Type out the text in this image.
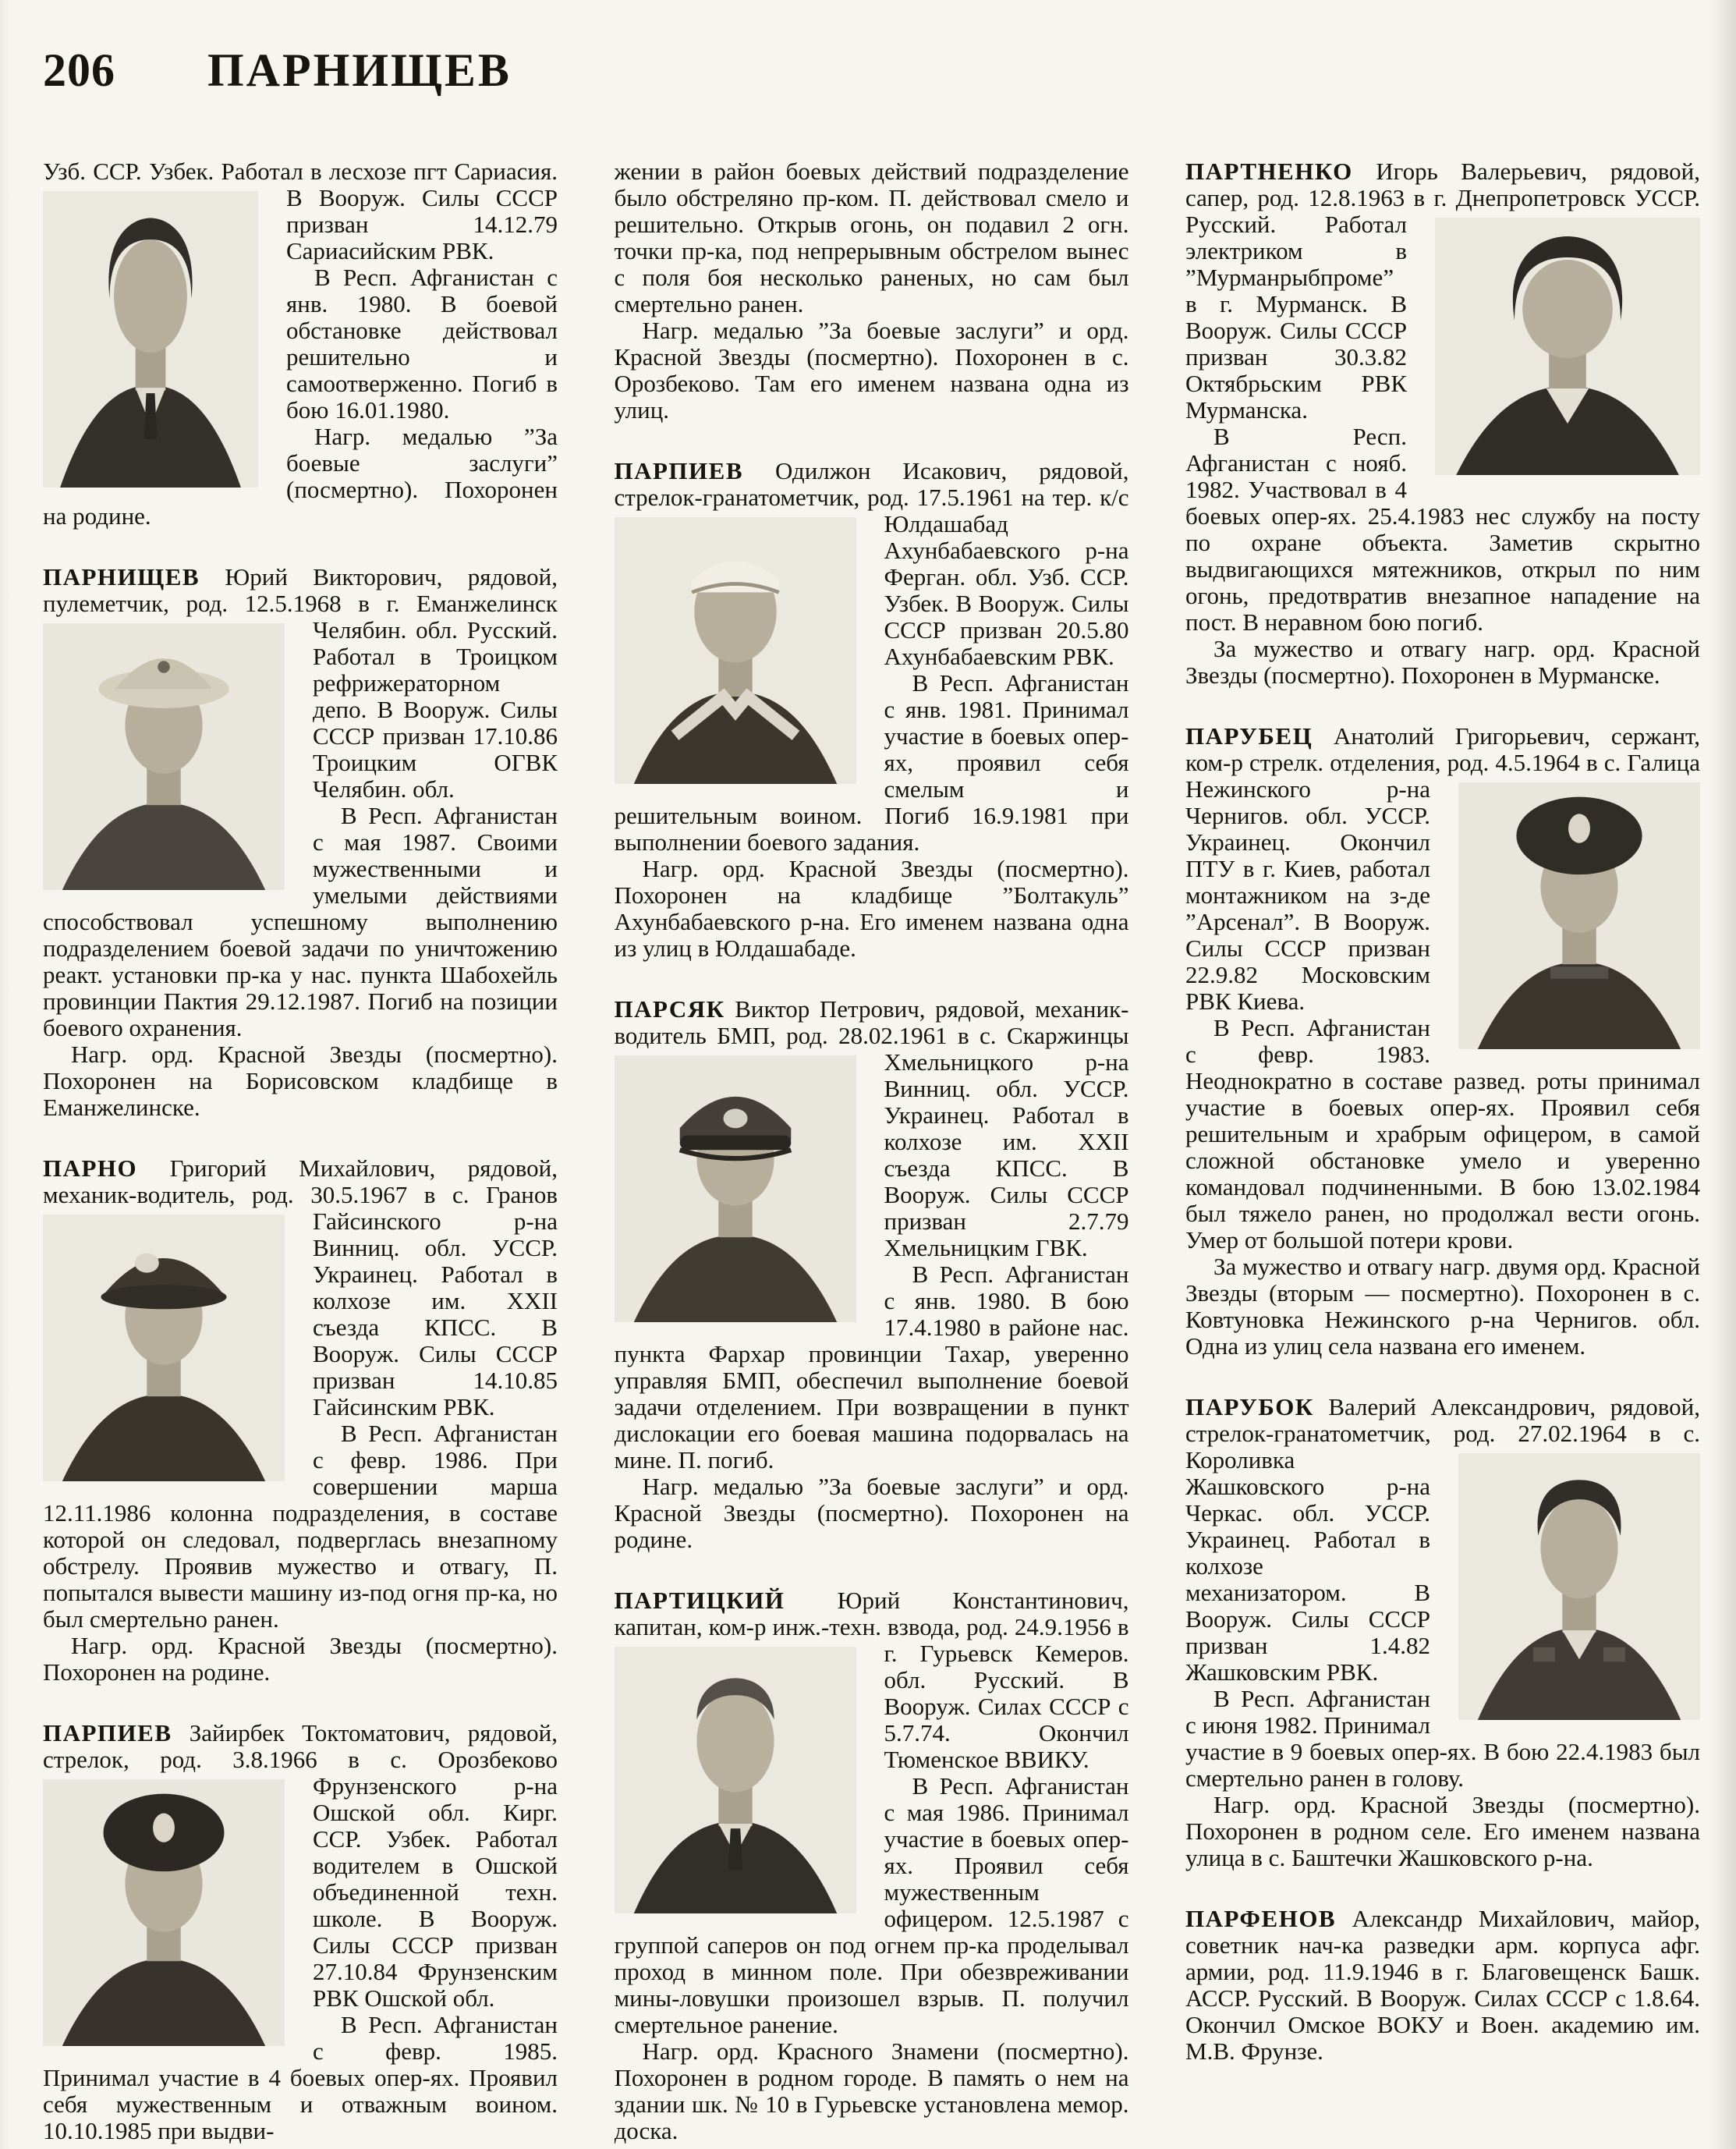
206 ПАРНИЩЕВ

Узб. ССР. Узбек. Работал в лесхозе пгт Сариасия. В Вооруж. Силы СССР призван 14.12.79 Сариасийским РВК.

В Респ. Афганистан с янв. 1980. В боевой обстановке действовал решительно и самоотверженно. Погиб в бою 16.01.1980.

Нагр. медалью ”За боевые заслуги” (посмертно). Похоронен на родине.

ПАРНИЩЕВ Юрий Викторович, рядовой, пулеметчик, род. 12.5.1968 в г. Еманжелинск
Челябин. обл. Русский. Работал в Троицком рефрижераторном депо. В Вооруж. Силы СССР призван 17.10.86 Троицким ОГВК Челябин. обл.

В Респ. Афганистан с мая 1987. Своими мужественными и умелыми действиями способствовал успешному выполнению подразделением боевой задачи по уничтожению реакт. установки пр-ка у нас. пункта Шабохейль провинции Пактия 29.12.1987. Погиб на позиции боевого охранения.

Нагр. орд. Красной Звезды (посмертно). Похоронен на Борисовском кладбище в Еманжелинске.

ПАРНО Григорий Михайлович, рядовой, механик-водитель, род. 30.5.1967 в с. Гранов
Гайсинского р-на Винниц. обл. УССР. Украинец. Работал в колхозе им. XXII съезда КПСС. В Вооруж. Силы СССР призван 14.10.85 Гайсинским РВК.

В Респ. Афганистан с февр. 1986. При совершении марша 12.11.1986 колонна подразделения, в составе которой он следовал, подверглась внезапному обстрелу. Проявив мужество и отвагу, П. попытался вывести машину из-под огня пр-ка, но был смертельно ранен.

Нагр. орд. Красной Звезды (посмертно). Похоронен на родине.

ПАРПИЕВ Зайирбек Токтоматович, рядовой, стрелок, род. 3.8.1966 в с. Орозбеково
Фрунзенского р-на Ошской обл. Кирг. ССР. Узбек. Работал водителем в Ошской объединенной техн. школе. В Вооруж. Силы СССР призван 27.10.84 Фрунзенским РВК Ошской обл.

В Респ. Афганистан с февр. 1985. Принимал участие в 4 боевых опер-ях. Проявил себя мужественным и отважным воином. 10.10.1985 при выдви-

жении в район боевых действий подразделение было обстреляно пр-ком. П. действовал смело и решительно. Открыв огонь, он подавил 2 огн. точки пр-ка, под непрерывным обстрелом вынес с поля боя несколько раненых, но сам был смертельно ранен.

Нагр. медалью ”За боевые заслуги” и орд. Красной Звезды (посмертно). Похоронен в с. Орозбеково. Там его именем названа одна из улиц.

ПАРПИЕВ Одилжон Исакович, рядовой, стрелок-гранатометчик, род. 17.5.1961 на тер. к/с Юлдашабад Ахунбабаевского р-на Ферган. обл. Узб. ССР. Узбек. В Вооруж. Силы СССР призван 20.5.80 Ахунбабаевским РВК.

В Респ. Афганистан с янв. 1981. Принимал участие в боевых опер-ях, проявил себя смелым и решительным воином. Погиб 16.9.1981 при выполнении боевого задания.

Нагр. орд. Красной Звезды (посмертно). Похоронен на кладбище ”Болтакуль” Ахунбабаевского р-на. Его именем названа одна из улиц в Юлдашабаде.

ПАРСЯК Виктор Петрович, рядовой, механик-водитель БМП, род. 28.02.1961 в с. Скаржинцы Хмельницкого р-на Винниц. обл. УССР. Украинец. Работал в колхозе им. XXII съезда КПСС. В Вооруж. Силы СССР призван 2.7.79 Хмельницким ГВК.

В Респ. Афганистан с янв. 1980. В бою 17.4.1980 в районе нас. пункта Фархар провинции Тахар, уверенно управляя БМП, обеспечил выполнение боевой задачи отделением. При возвращении в пункт дислокации его боевая машина подорвалась на мине. П. погиб.

Нагр. медалью ”За боевые заслуги” и орд. Красной Звезды (посмертно). Похоронен на родине.

ПАРТИЦКИЙ Юрий Константинович, капитан, ком-р инж.-техн. взвода, род. 24.9.1956 в
г. Гурьевск Кемеров. обл. Русский. В Вооруж. Силах СССР с 5.7.74. Окончил Тюменское ВВИКУ.

В Респ. Афганистан с мая 1986. Принимал участие в боевых опер-ях. Проявил себя мужественным офицером. 12.5.1987 с группой саперов он под огнем пр-ка проделывал проход в минном поле. При обезвреживании мины-ловушки произошел взрыв. П. получил смертельное ранение.

Нагр. орд. Красного Знамени (посмертно). Похоронен в родном городе. В память о нем на здании шк. № 10 в Гурьевске установлена мемор. доска.

ПАРТНЕНКО Игорь Валерьевич, рядовой, сапер, род. 12.8.1963 в г. Днепропетровск УССР. Русский. Работал электриком в ”Мурманрыбпроме” в г. Мурманск. В Вооруж. Силы СССР призван 30.3.82 Октябрьским РВК Мурманска.

В Респ. Афганистан с нояб. 1982. Участвовал в 4 боевых опер-ях. 25.4.1983 нес службу на посту по охране объекта. Заметив скрытно выдвигающихся мятежников, открыл по ним огонь, предотвратив внезапное нападение на пост. В неравном бою погиб.

За мужество и отвагу нагр. орд. Красной Звезды (посмертно). Похоронен в Мурманске.

ПАРУБЕЦ Анатолий Григорьевич, сержант, ком-р стрелк. отделения, род. 4.5.1964 в с. Галица Нежинского р-на Чернигов. обл. УССР. Украинец. Окончил ПТУ в г. Киев, работал монтажником на з-де ”Арсенал”. В Вооруж. Силы СССР призван 22.9.82 Московским РВК Киева.

В Респ. Афганистан с февр. 1983. Неоднократно в составе развед. роты принимал участие в боевых опер-ях. Проявил себя решительным и храбрым офицером, в самой сложной обстановке умело и уверенно командовал подчиненными. В бою 13.02.1984 был тяжело ранен, но продолжал вести огонь. Умер от большой потери крови.

За мужество и отвагу нагр. двумя орд. Красной Звезды (вторым — посмертно). Похоронен в с. Ковтуновка Нежинского р-на Чернигов. обл. Одна из улиц села названа его именем.

ПАРУБОК Валерий Александрович, рядовой, стрелок-гранатометчик, род. 27.02.1964 в с. Короливка Жашковского р-на Черкас. обл. УССР. Украинец. Работал в колхозе механизатором. В Вооруж. Силы СССР призван 1.4.82 Жашковским РВК.

В Респ. Афганистан с июня 1982. Принимал участие в 9 боевых опер-ях. В бою 22.4.1983 был смертельно ранен в голову.

Нагр. орд. Красной Звезды (посмертно). Похоронен в родном селе. Его именем названа улица в с. Баштечки Жашковского р-на.

ПАРФЕНОВ Александр Михайлович, майор, советник нач-ка разведки арм. корпуса афг. армии, род. 11.9.1946 в г. Благовещенск Башк. АССР. Русский. В Вооруж. Силах СССР с 1.8.64. Окончил Омское ВОКУ и Воен. академию им. М.В. Фрунзе.
